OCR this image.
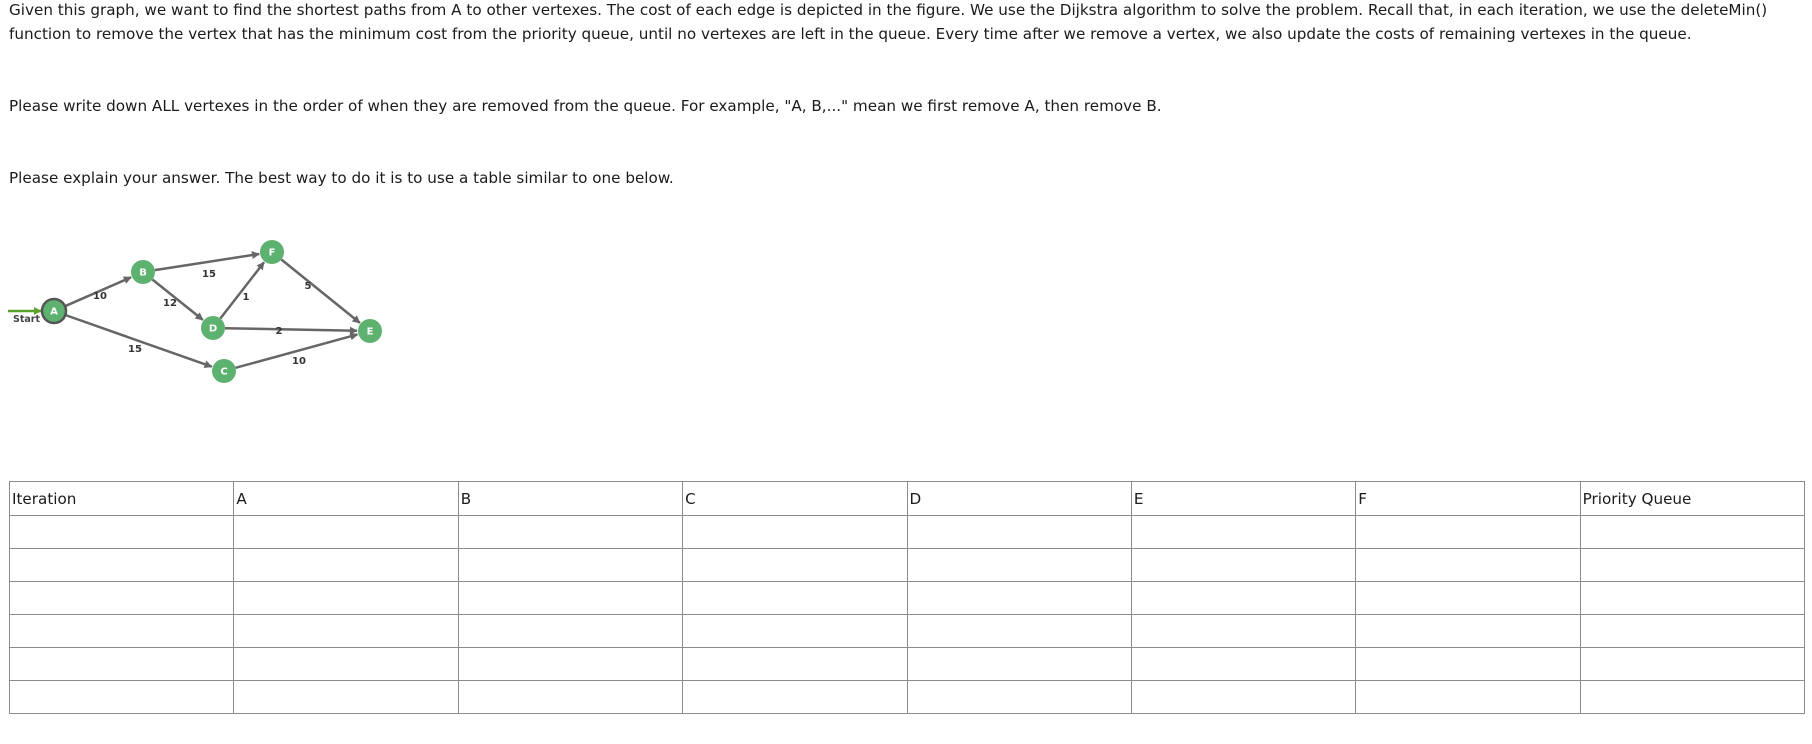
Given this graph, we want to find the shortest paths from A to other vertexes. The cost of each edge is depicted in the figure. We use the Dijkstra algorithm to solve the problem. Recall that, in each iteration, we use the deleteMin() function to remove the vertex that has the minimum cost from the priority queue, until no vertexes are left in the queue. Every time after we remove a vertex, we also update the costs of remaining vertexes in the queue.

Please write down ALL vertexes in the order of when they are removed from the queue. For example, "A, B,..." mean we first remove A, then remove B.

Please explain your answer. The best way to do it is to use a table similar to one below.

Start
10
15
12
15
1
2
5
10
A
B
C
D	E
F
Iteration	A	B	C	D	E	F	Priority Queue
